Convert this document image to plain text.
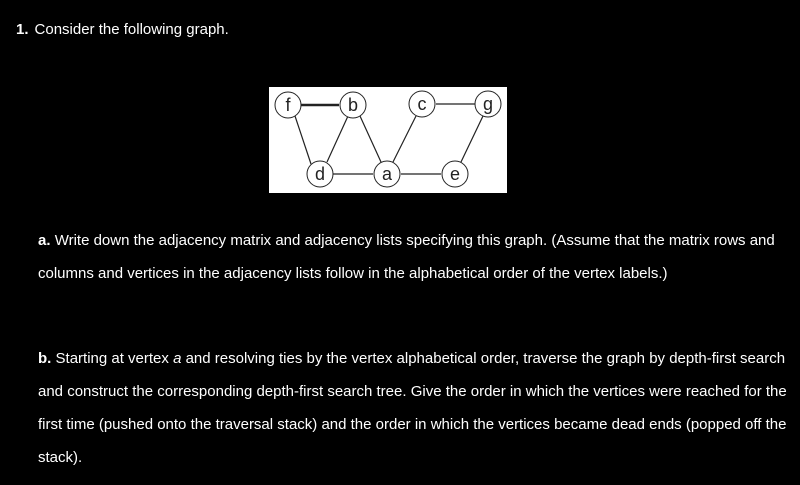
1. Consider the following graph.
f	b	c	g
d	a	e
a. Write down the adjacency matrix and adjacency lists specifying this graph. (Assume that the matrix rows and columns and vertices in the adjacency lists follow in the alphabetical order of the vertex labels.)
b. Starting at vertex a and resolving ties by the vertex alphabetical order, traverse the graph by depth-first search and construct the corresponding depth-first search tree. Give the order in which the vertices were reached for the first time (pushed onto the traversal stack) and the order in which the vertices became dead ends (popped off the stack).
